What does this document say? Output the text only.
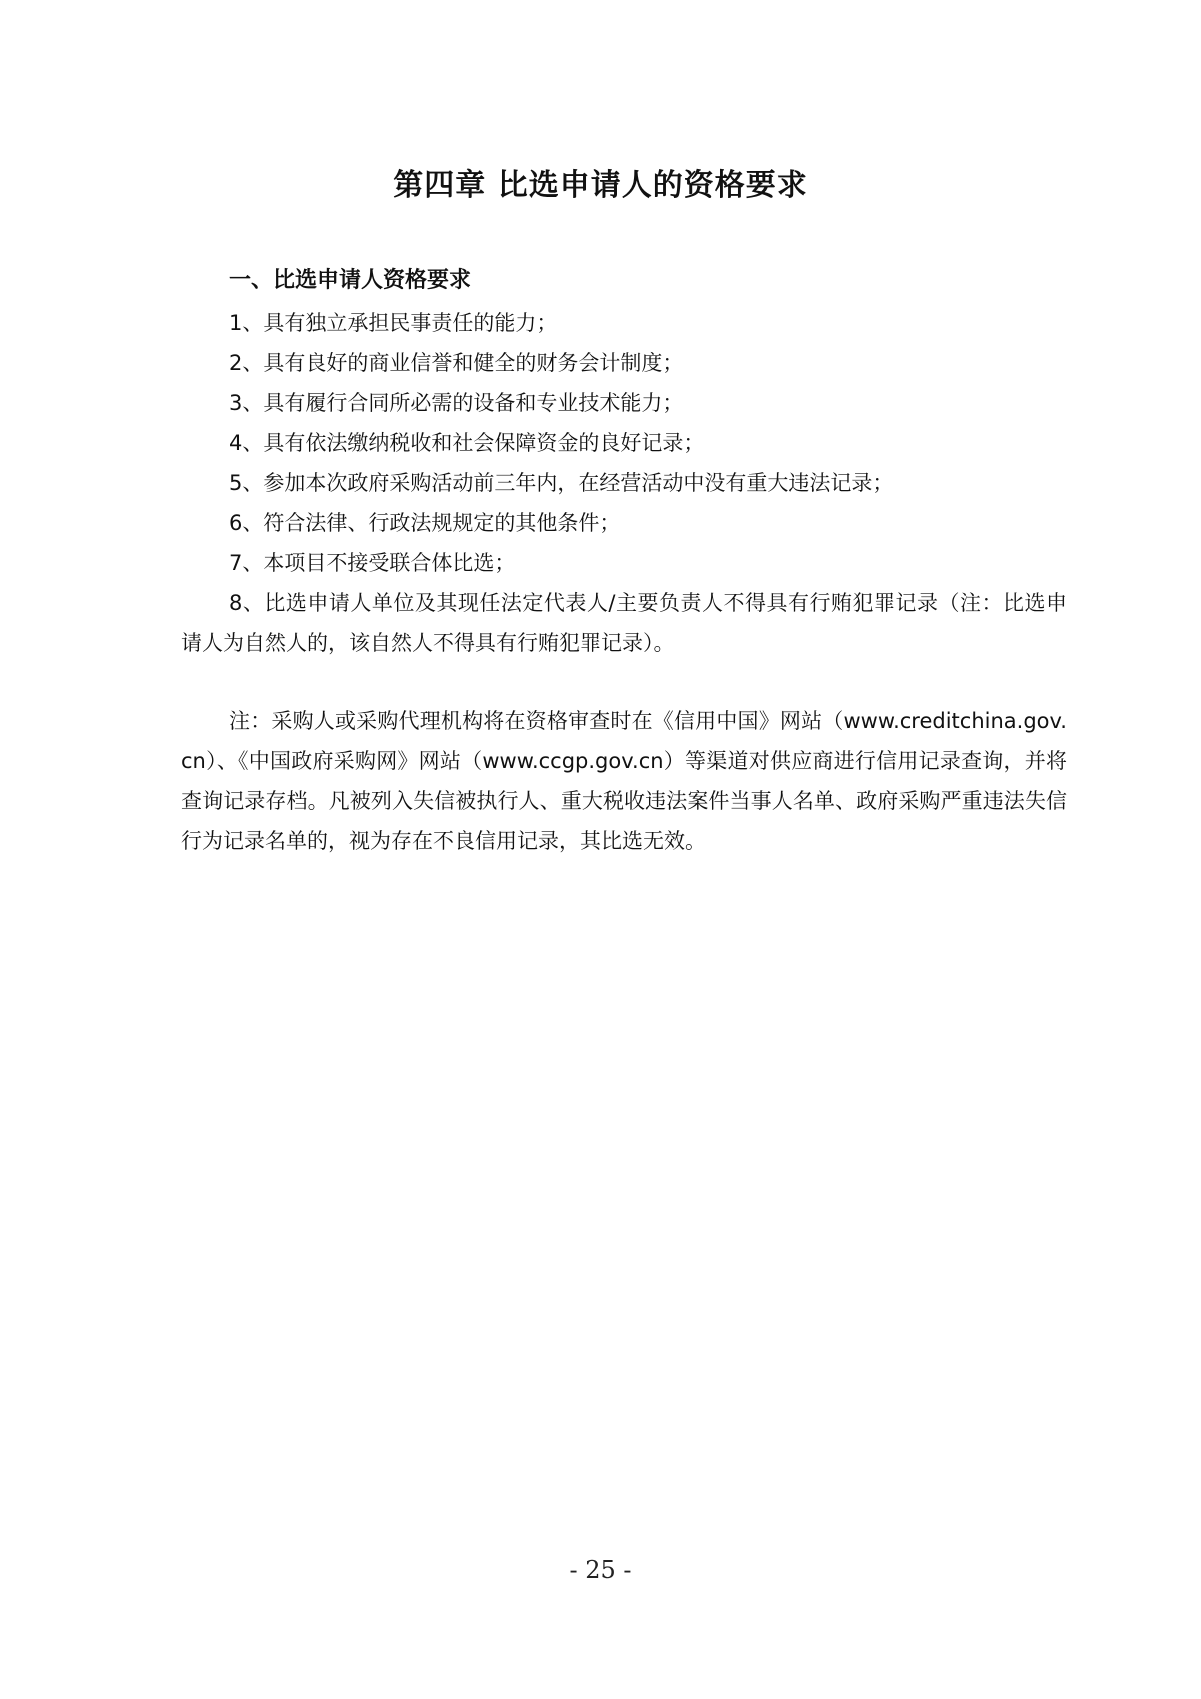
第四章 比选申请人的资格要求
一、比选申请人资格要求
1、具有独立承担民事责任的能力；
2、具有良好的商业信誉和健全的财务会计制度；
3、具有履行合同所必需的设备和专业技术能力；
4、具有依法缴纳税收和社会保障资金的良好记录；
5、参加本次政府采购活动前三年内，在经营活动中没有重大违法记录；
6、符合法律、行政法规规定的其他条件；
7、本项目不接受联合体比选；
8、比选申请人单位及其现任法定代表人/主要负责人不得具有行贿犯罪记录（注：比选申请人为自然人的，该自然人不得具有行贿犯罪记录）。

注：采购人或采购代理机构将在资格审查时在《信用中国》网站（www.creditchina.gov.cn）、《中国政府采购网》网站（www.ccgp.gov.cn）等渠道对供应商进行信用记录查询，并将查询记录存档。凡被列入失信被执行人、重大税收违法案件当事人名单、政府采购严重违法失信行为记录名单的，视为存在不良信用记录，其比选无效。

- 25 -
